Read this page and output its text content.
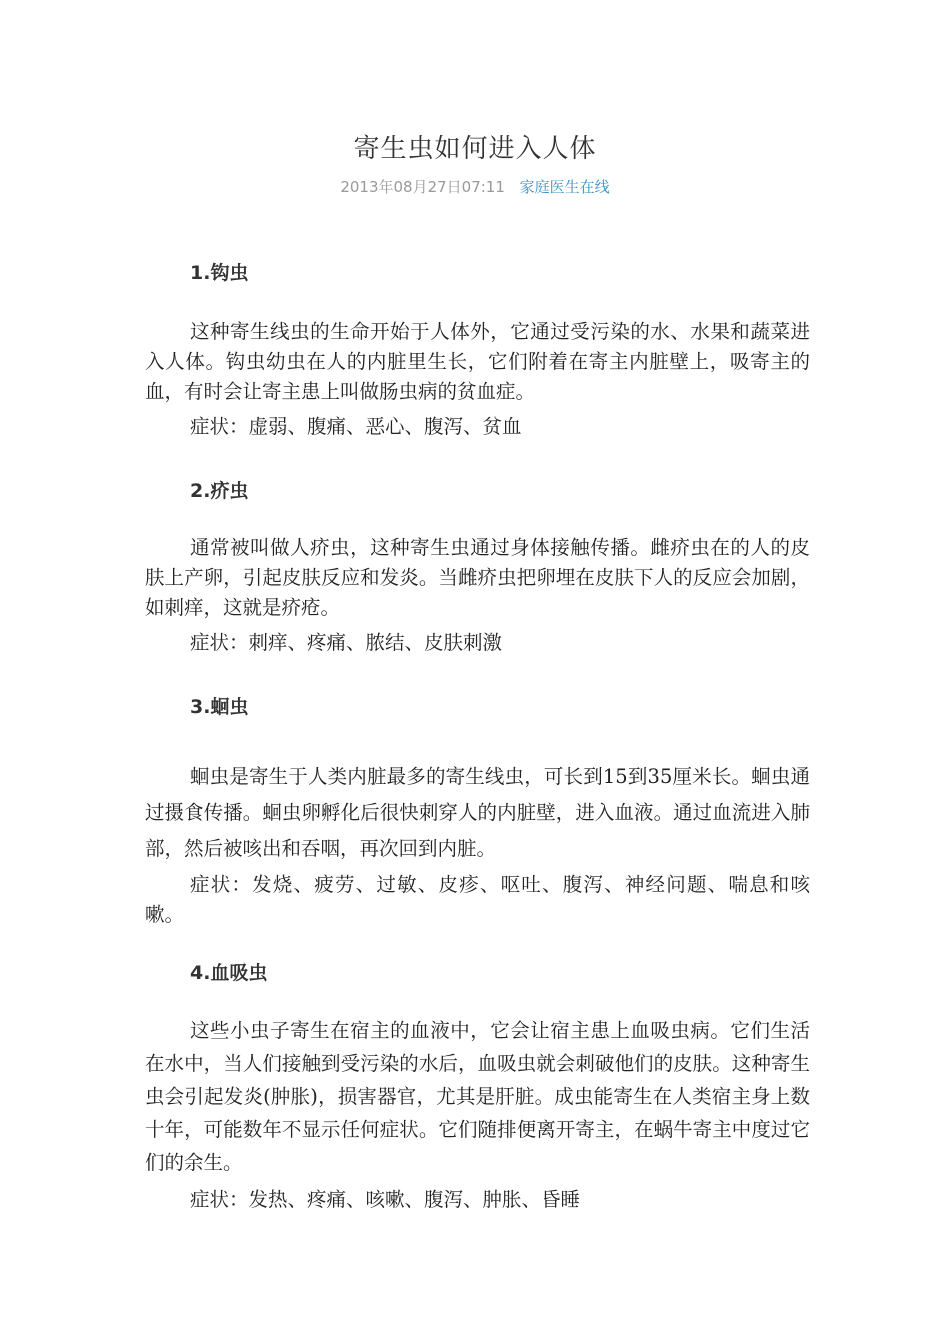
寄生虫如何进入人体
2013年08月27日07:11 家庭医生在线
1.钩虫
这种寄生线虫的生命开始于人体外，它通过受污染的水、水果和蔬菜进入人体。钩虫幼虫在人的内脏里生长，它们附着在寄主内脏壁上，吸寄主的血，有时会让寄主患上叫做肠虫病的贫血症。
症状：虚弱、腹痛、恶心、腹泻、贫血
2.疥虫
通常被叫做人疥虫，这种寄生虫通过身体接触传播。雌疥虫在的人的皮肤上产卵，引起皮肤反应和发炎。当雌疥虫把卵埋在皮肤下人的反应会加剧，如刺痒，这就是疥疮。
症状：刺痒、疼痛、脓结、皮肤刺激
3.蛔虫
蛔虫是寄生于人类内脏最多的寄生线虫，可长到15到35厘米长。蛔虫通过摄食传播。蛔虫卵孵化后很快刺穿人的内脏壁，进入血液。通过血流进入肺部，然后被咳出和吞咽，再次回到内脏。
症状：发烧、疲劳、过敏、皮疹、呕吐、腹泻、神经问题、喘息和咳嗽。
4.血吸虫
这些小虫子寄生在宿主的血液中，它会让宿主患上血吸虫病。它们生活在水中，当人们接触到受污染的水后，血吸虫就会刺破他们的皮肤。这种寄生虫会引起发炎(肿胀)，损害器官，尤其是肝脏。成虫能寄生在人类宿主身上数十年，可能数年不显示任何症状。它们随排便离开寄主，在蜗牛寄主中度过它们的余生。
症状：发热、疼痛、咳嗽、腹泻、肿胀、昏睡
